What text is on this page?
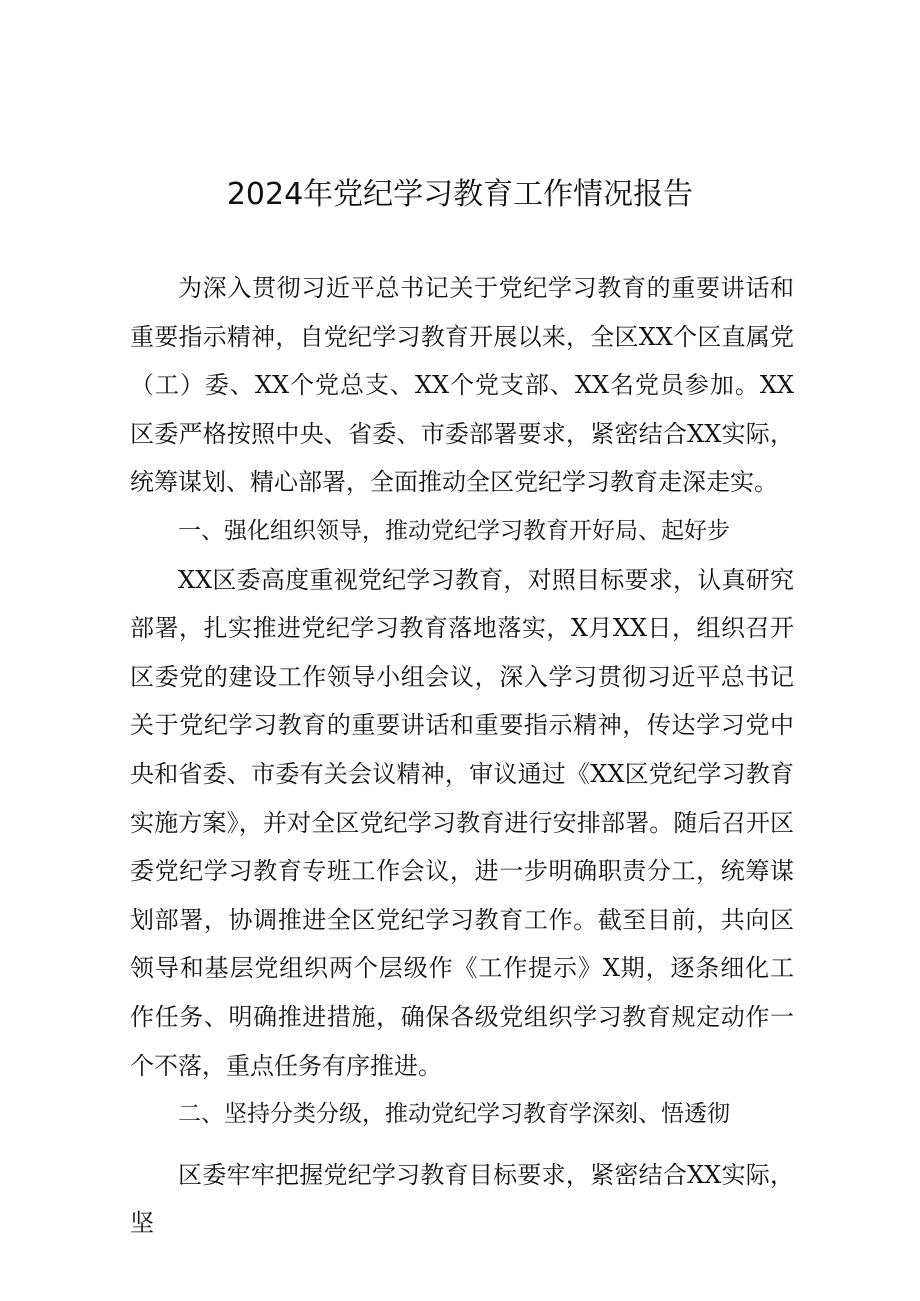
2024年党纪学习教育工作情况报告

为深入贯彻习近平总书记关于党纪学习教育的重要讲话和重要指示精神，自党纪学习教育开展以来，全区XX个区直属党（工）委、XX个党总支、XX个党支部、XX名党员参加。XX区委严格按照中央、省委、市委部署要求，紧密结合XX实际，统筹谋划、精心部署，全面推动全区党纪学习教育走深走实。

一、强化组织领导，推动党纪学习教育开好局、起好步

XX区委高度重视党纪学习教育，对照目标要求，认真研究部署，扎实推进党纪学习教育落地落实，X月XX日，组织召开区委党的建设工作领导小组会议，深入学习贯彻习近平总书记关于党纪学习教育的重要讲话和重要指示精神，传达学习党中央和省委、市委有关会议精神，审议通过《XX区党纪学习教育实施方案》，并对全区党纪学习教育进行安排部署。随后召开区委党纪学习教育专班工作会议，进一步明确职责分工，统筹谋划部署，协调推进全区党纪学习教育工作。截至目前，共向区领导和基层党组织两个层级作《工作提示》X期，逐条细化工作任务、明确推进措施，确保各级党组织学习教育规定动作一个不落，重点任务有序推进。

二、坚持分类分级，推动党纪学习教育学深刻、悟透彻

区委牢牢把握党纪学习教育目标要求，紧密结合XX实际，坚
